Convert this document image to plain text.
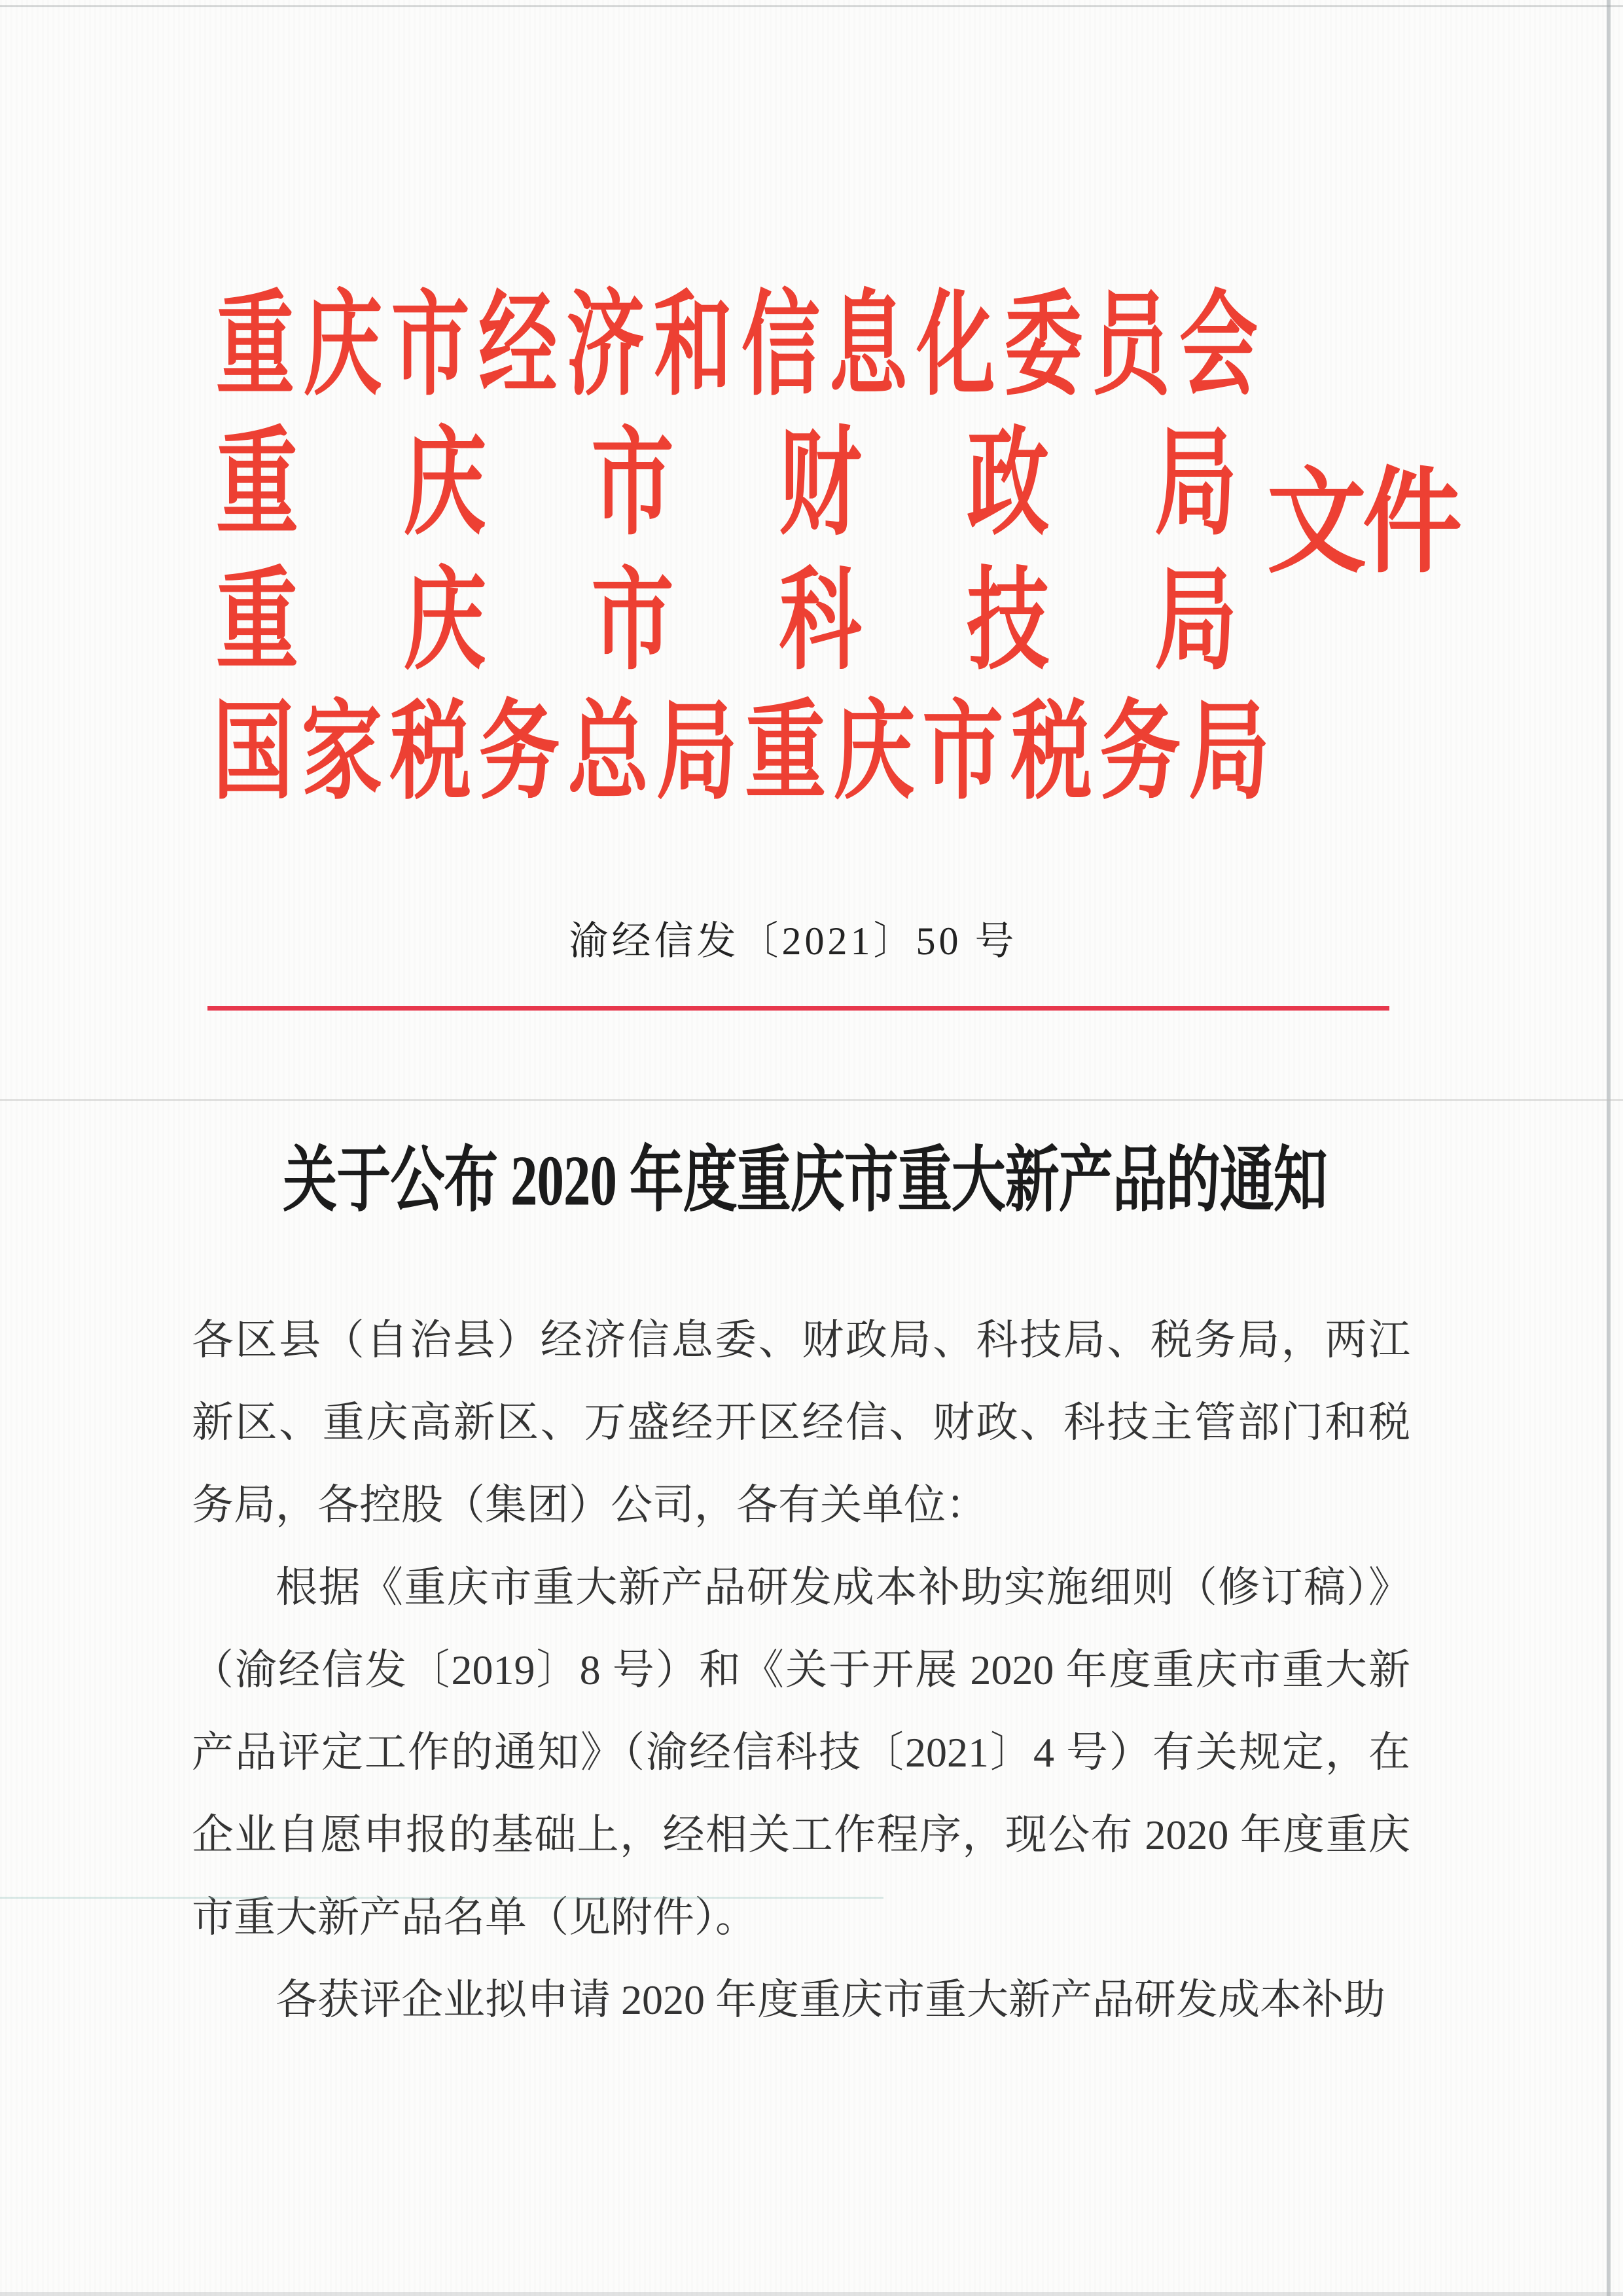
重庆市经济和信息化委员会
重庆市财政局
重庆市科技局
国家税务总局重庆市税务局
文件
渝经信发〔2021〕50 号
关于公布 2020 年度重庆市重大新产品的通知
各区县（自治县）经济信息委、财政局、科技局、税务局，两江
新区、重庆高新区、万盛经开区经信、财政、科技主管部门和税
务局，各控股（集团）公司，各有关单位：
根据《重庆市重大新产品研发成本补助实施细则（修订稿）》
（渝经信发〔2019〕8 号）和《关于开展 2020 年度重庆市重大新
产品评定工作的通知》（渝经信科技〔2021〕4 号）有关规定，在
企业自愿申报的基础上，经相关工作程序，现公布 2020 年度重庆
市重大新产品名单（见附件）。
各获评企业拟申请 2020 年度重庆市重大新产品研发成本补助
